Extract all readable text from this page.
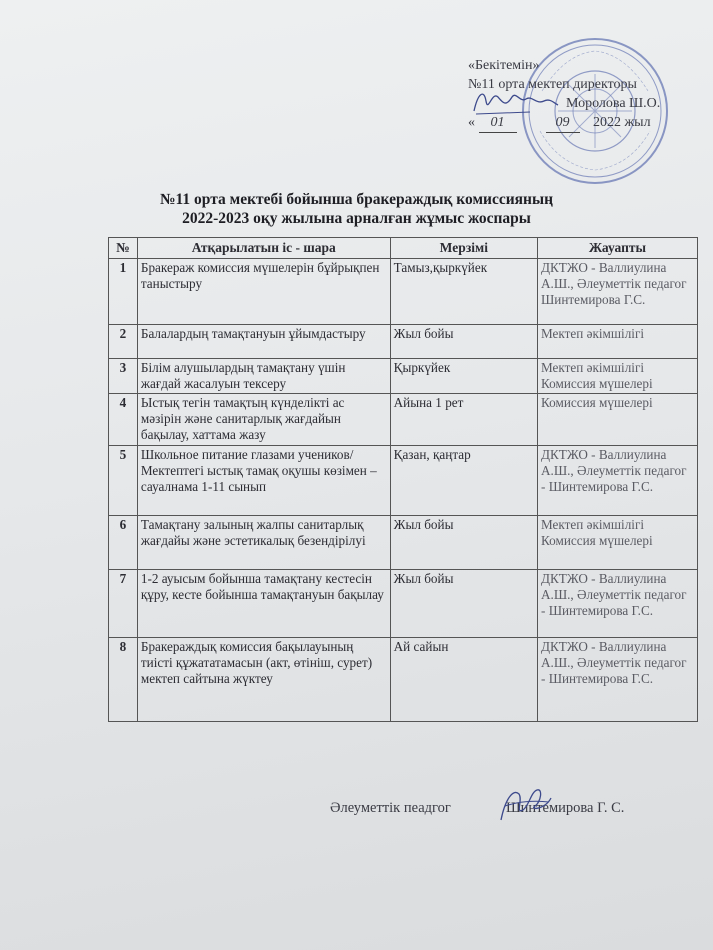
«Бекітемін»
№11 орта мектеп директоры
Моролова Ш.О.
« 01	09 2022 жыл
№11 орта мектебі бойынша бракераждық комиссияның
2022-2023 оқу жылына арналған жұмыс жоспары
№	Атқарылатын іс - шара	Мерзімі	Жауапты
1	Бракераж комиссия мүшелерін бұйрықпен таныстыру	Тамыз,қыркүйек	ДКТЖО - Валлиулина А.Ш., Әлеуметтік педагог Шинтемирова Г.С.
2	Балалардың тамақтануын ұйымдастыру	Жыл бойы	Мектеп әкімшілігі
3	Білім алушылардың тамақтану үшін жағдай жасалуын тексеру	Қыркүйек	Мектеп әкімшілігі Комиссия мүшелері
4	Ыстық тегін тамақтың күнделікті ас мәзірін және санитарлық жағдайын бақылау, хаттама жазу	Айына 1 рет	Комиссия мүшелері
5	Школьное питание глазами учеников/ Мектептегі ыстық тамақ оқушы көзімен – сауалнама 1-11 сынып	Қазан, қаңтар	ДКТЖО - Валлиулина А.Ш., Әлеуметтік педагог - Шинтемирова Г.С.
6	Тамақтану залының жалпы санитарлық жағдайы және эстетикалық безендірілуі	Жыл бойы	Мектеп әкімшілігі Комиссия мүшелері
7	1-2 ауысым бойынша тамақтану кестесін құру, кесте бойынша тамақтануын бақылау	Жыл бойы	ДКТЖО - Валлиулина А.Ш., Әлеуметтік педагог - Шинтемирова Г.С.
8	Бракераждық комиссия бақылауының тиісті құжататамасын (акт, өтініш, сурет) мектеп сайтына жүктеу	Ай сайын	ДКТЖО - Валлиулина А.Ш., Әлеуметтік педагог - Шинтемирова Г.С.
Әлеуметтік пеадгог	Шинтемирова Г. С.
